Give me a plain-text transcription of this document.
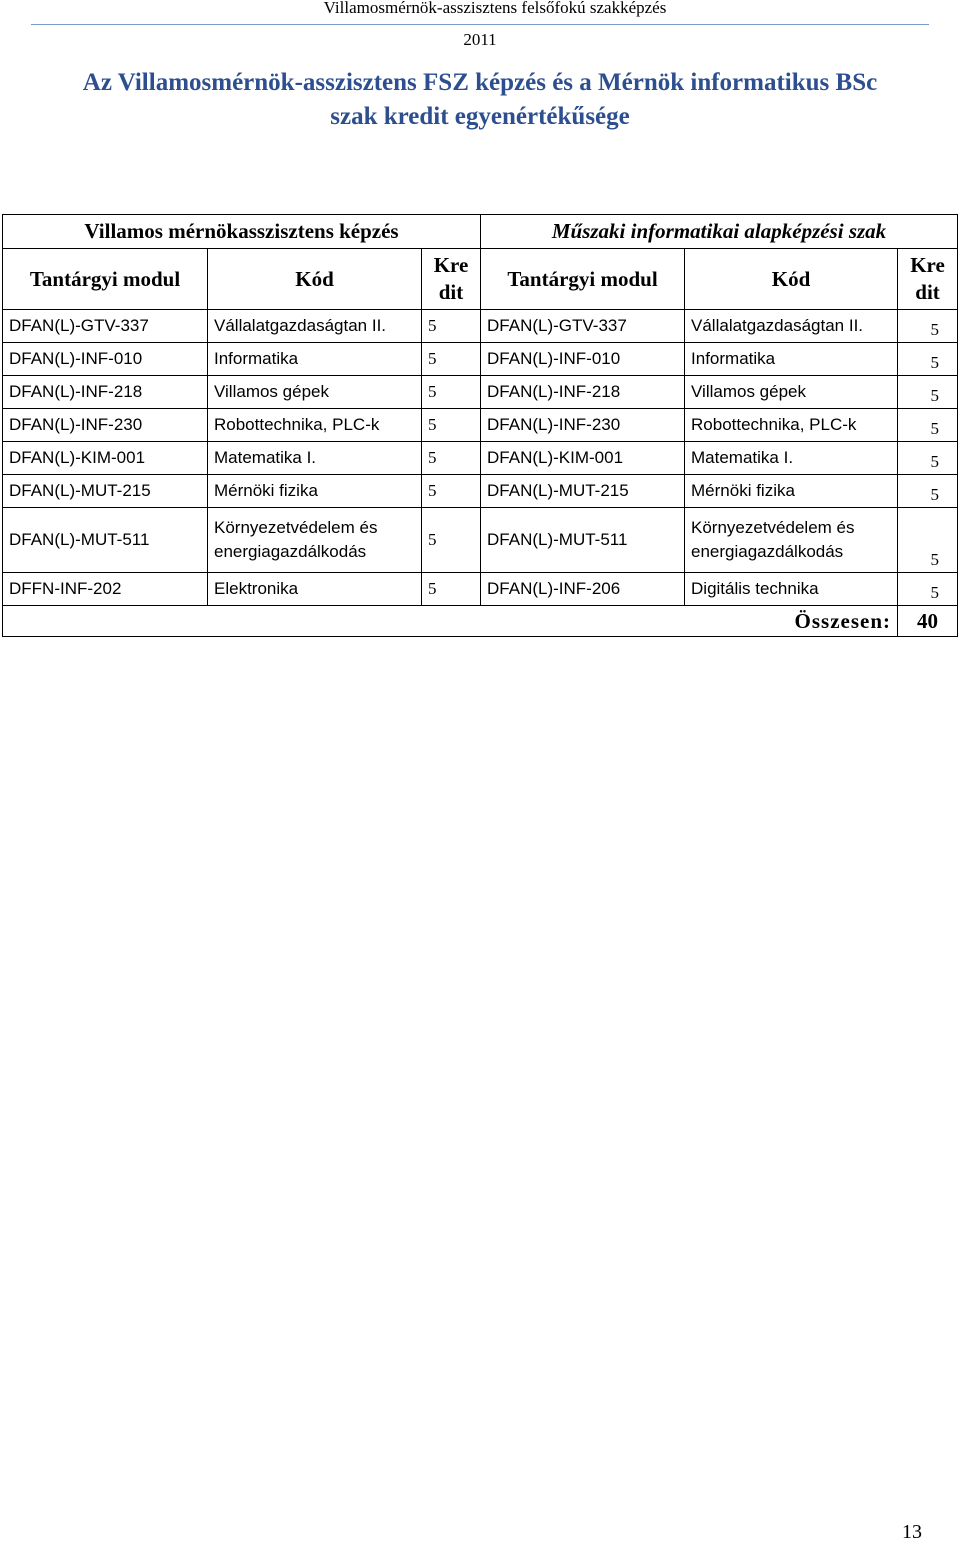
Villamosmérnök-asszisztens felsőfokú szakképzés
2011
Az Villamosmérnök-asszisztens FSZ képzés és a Mérnök informatikus BSc
szak kredit egyenértékűsége
Villamos mérnökasszisztens képzés			Műszaki informatikai alapképzési szak		
Tantárgyi modul	Kód	Kre dit	Tantárgyi modul	Kód	Kre dit
DFAN(L)-GTV-337	Vállalatgazdaságtan II.	5	DFAN(L)-GTV-337	Vállalatgazdaságtan II.	5
DFAN(L)-INF-010	Informatika	5	DFAN(L)-INF-010	Informatika	5
DFAN(L)-INF-218	Villamos gépek	5	DFAN(L)-INF-218	Villamos gépek	5
DFAN(L)-INF-230	Robottechnika, PLC-k	5	DFAN(L)-INF-230	Robottechnika, PLC-k	5
DFAN(L)-KIM-001	Matematika I.	5	DFAN(L)-KIM-001	Matematika I.	5
DFAN(L)-MUT-215	Mérnöki fizika	5	DFAN(L)-MUT-215	Mérnöki fizika	5
DFAN(L)-MUT-511	Környezetvédelem és energiagazdálkodás	5	DFAN(L)-MUT-511	Környezetvédelem és energiagazdálkodás	5
DFFN-INF-202	Elektronika	5	DFAN(L)-INF-206	Digitális technika	5
Összesen:					40
13
